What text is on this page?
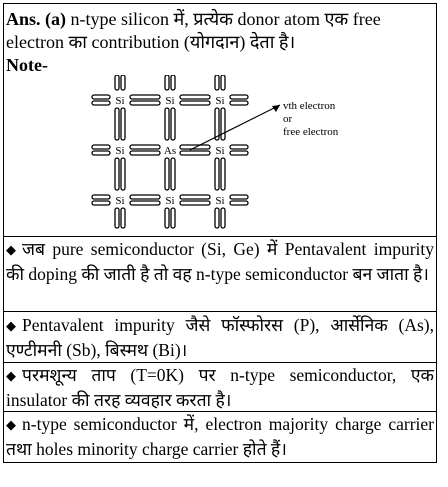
Ans. (a) n-type silicon में, प्रत्येक donor atom एक free electron का contribution (योगदान) देता है।
Note-
Si	Si	Si
Si	As	Si
Si	Si	Si
vth electron
or
free electron
◆ जब pure semiconductor (Si, Ge) में Pentavalent impurity की doping की जाती है तो वह n-type semiconductor बन जाता है।
◆ Pentavalent impurity जैसे फॉस्फोरस (P), आर्सेनिक (As), एण्टीमनी (Sb), बिस्मथ (Bi)।
◆ परमशून्य ताप (T=0K) पर n-type semiconductor, एक insulator की तरह व्यवहार करता है।
◆ n-type semiconductor में, electron majority charge carrier तथा holes minority charge carrier होते हैं।
